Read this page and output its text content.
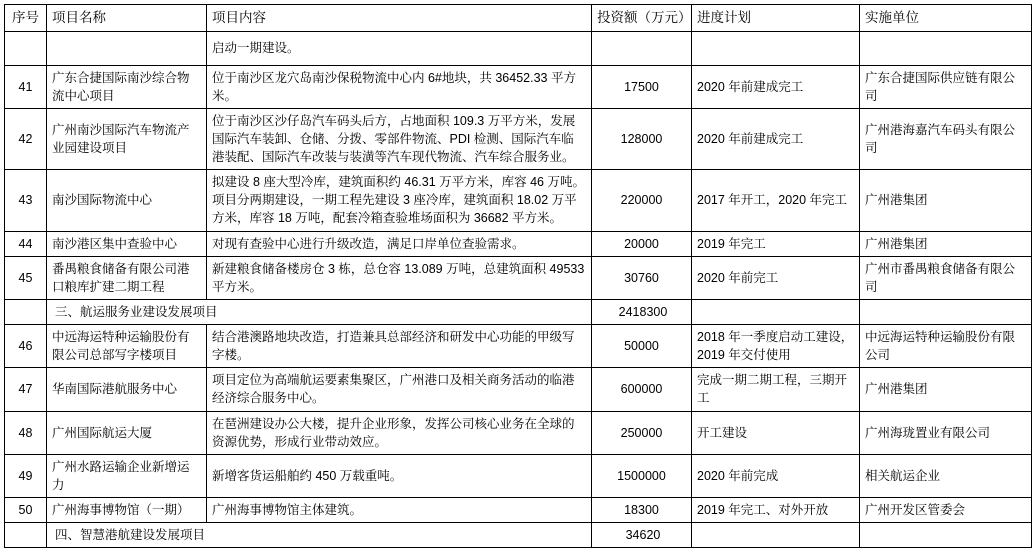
序号	项目名称	项目内容	投资额（万元）	进度计划	实施单位
		启动一期建设。			
41	广东合捷国际南沙综合物流中心项目	位于南沙区龙穴岛南沙保税物流中心内 6#地块，共 36452.33 平方米。	17500	2020 年前建成完工	广东合捷国际供应链有限公司
42	广州南沙国际汽车物流产业园建设项目	位于南沙区沙仔岛汽车码头后方，占地面积 109.3 万平方米，发展国际汽车装卸、仓储、分拨、零部件物流、PDI 检测、国际汽车临港装配、国际汽车改装与装潢等汽车现代物流、汽车综合服务业。	128000	2020 年前建成完工	广州港海嘉汽车码头有限公司
43	南沙国际物流中心	拟建设 8 座大型冷库，建筑面积约 46.31 万平方米，库容 46 万吨。项目分两期建设，一期工程先建设 3 座冷库，建筑面积 18.02 万平方米，库容 18 万吨，配套冷箱查验堆场面积为 36682 平方米。	220000	2017 年开工，2020 年完工	广州港集团
44	南沙港区集中查验中心	对现有查验中心进行升级改造，满足口岸单位查验需求。	20000	2019 年完工	广州港集团
45	番禺粮食储备有限公司港口粮库扩建二期工程	新建粮食储备楼房仓 3 栋，总仓容 13.089 万吨，总建筑面积 49533 平方米。	30760	2020 年前完工	广州市番禺粮食储备有限公司
	三、航运服务业建设发展项目		2418300		
46	中远海运特种运输股份有限公司总部写字楼项目	结合港澳路地块改造，打造兼具总部经济和研发中心功能的甲级写字楼。	50000	2018 年一季度启动工建设，2019 年交付使用	中远海运特种运输股份有限公司
47	华南国际港航服务中心	项目定位为高端航运要素集聚区，广州港口及相关商务活动的临港经济综合服务中心。	600000	完成一期二期工程，三期开工	广州港集团
48	广州国际航运大厦	在琶洲建设办公大楼，提升企业形象，发挥公司核心业务在全球的资源优势，形成行业带动效应。	250000	开工建设	广州海珑置业有限公司
49	广州水路运输企业新增运力	新增客货运船舶约 450 万载重吨。	1500000	2020 年前完成	相关航运企业
50	广州海事博物馆（一期）	广州海事博物馆主体建筑。	18300	2019 年完工、对外开放	广州开发区管委会
	四、智慧港航建设发展项目		34620		
